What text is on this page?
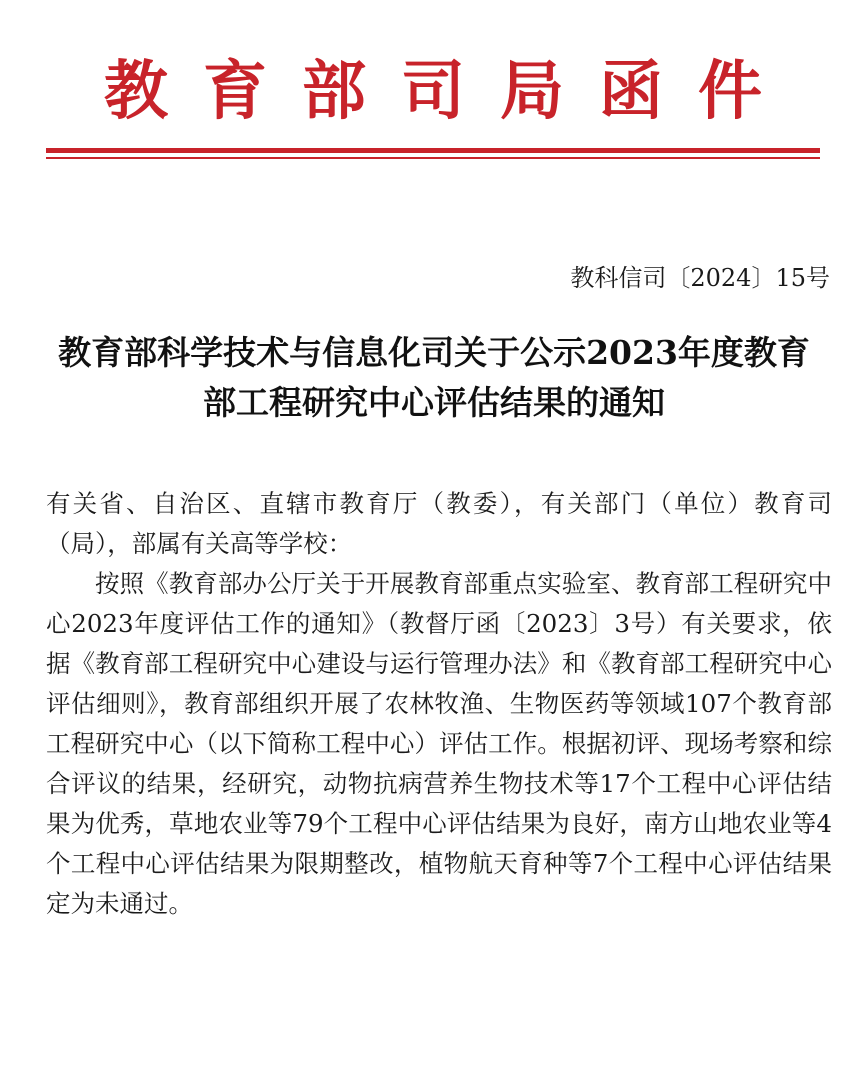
教 育 部 司 局 函 件
教科信司〔2024〕15号
教育部科学技术与信息化司关于公示2023年度教育部工程研究中心评估结果的通知

有关省、自治区、直辖市教育厅（教委），有关部门（单位）教育司（局），部属有关高等学校：

按照《教育部办公厅关于开展教育部重点实验室、教育部工程研究中心2023年度评估工作的通知》（教督厅函〔2023〕3号）有关要求，依据《教育部工程研究中心建设与运行管理办法》和《教育部工程研究中心评估细则》，教育部组织开展了农林牧渔、生物医药等领域107个教育部工程研究中心（以下简称工程中心）评估工作。根据初评、现场考察和综合评议的结果，经研究，动物抗病营养生物技术等17个工程中心评估结果为优秀，草地农业等79个工程中心评估结果为良好，南方山地农业等4个工程中心评估结果为限期整改，植物航天育种等7个工程中心评估结果定为未通过。
